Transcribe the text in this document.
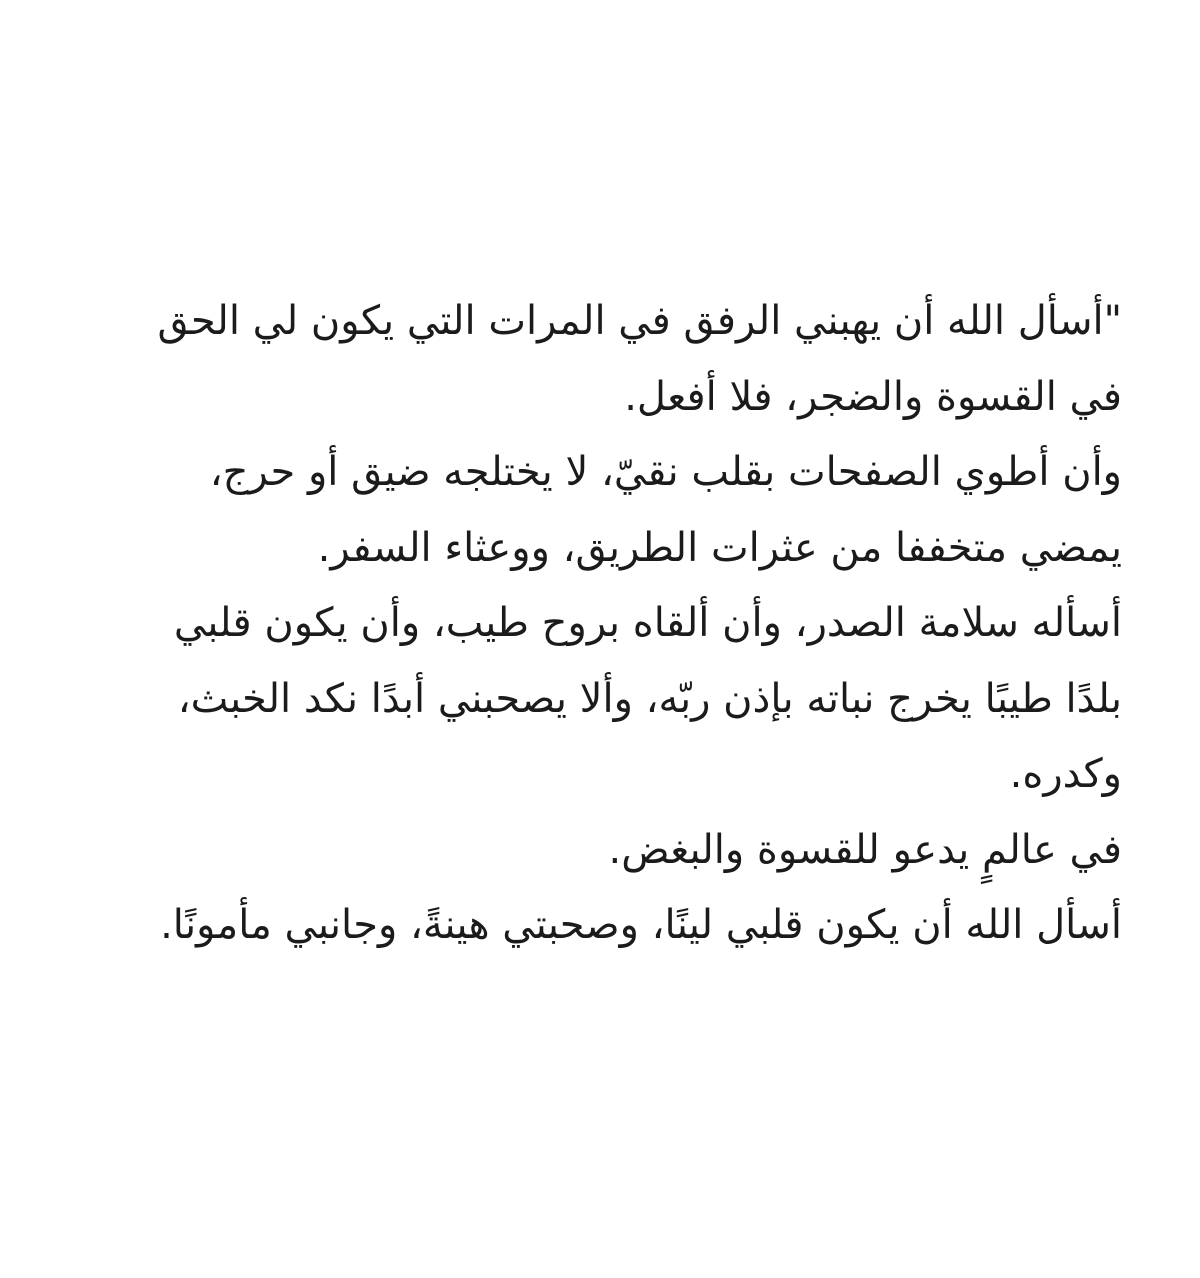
"أسأل الله أن يهبني الرفق في المرات التي يكون لي الحق
في القسوة والضجر، فلا أفعل.
وأن أطوي الصفحات بقلب نقيّ، لا يختلجه ضيق أو حرج،
يمضي متخففا من عثرات الطريق، ووعثاء السفر.
أسأله سلامة الصدر، وأن ألقاه بروح طيب، وأن يكون قلبي
بلدًا طيبًا يخرج نباته بإذن ربّه، وألا يصحبني أبدًا نكد الخبث،
وكدره.
في عالمٍ يدعو للقسوة والبغض.
أسأل الله أن يكون قلبي لينًا، وصحبتي هينةً، وجانبي مأمونًا.
